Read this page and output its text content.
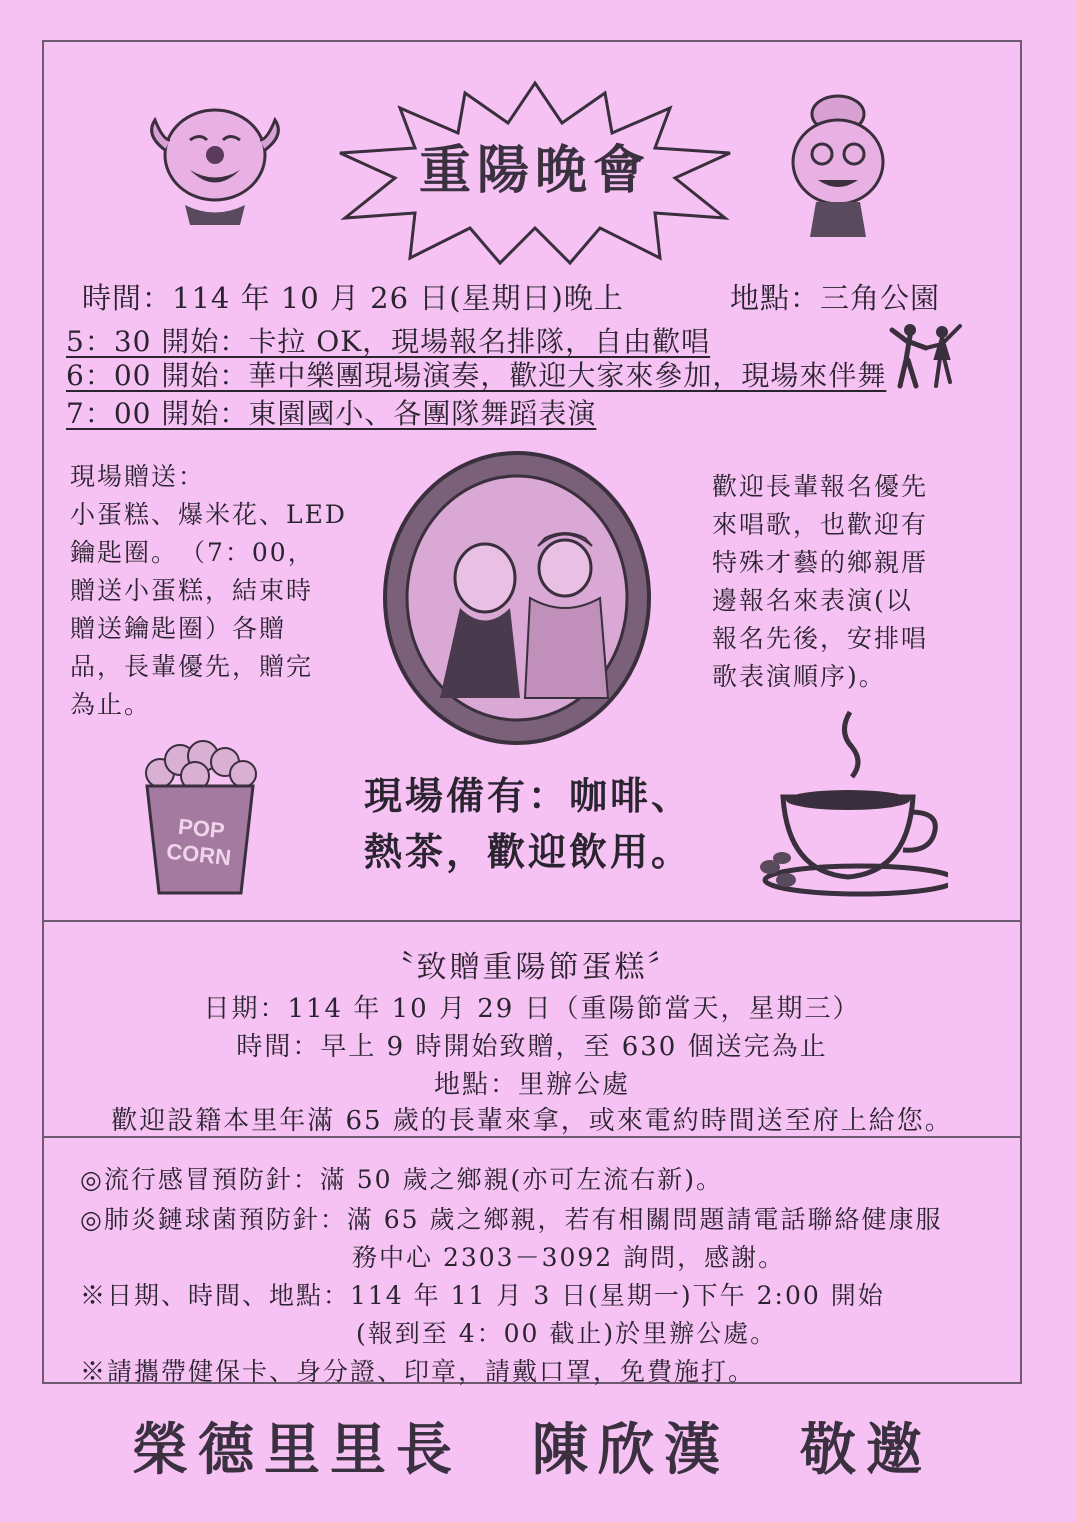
重陽晚會
時間：114 年 10 月 26 日(星期日)晚上	地點：三角公園
5：30 開始：卡拉 OK，現場報名排隊，自由歡唱
6：00 開始：華中樂團現場演奏，歡迎大家來參加，現場來伴舞
7：00 開始：東園國小、各團隊舞蹈表演
現場贈送：
小蛋糕、爆米花、LED
鑰匙圈。　（7：00，
贈送小蛋糕，結束時
贈送鑰匙圈）各贈
品，長輩優先，贈完
為止。
歡迎長輩報名優先
來唱歌，也歡迎有
特殊才藝的鄉親厝
邊報名來表演(以
報名先後，安排唱
歌表演順序)。
POP
CORN
現場備有：咖啡、
熱茶，歡迎飲用。
〝致贈重陽節蛋糕〞
日期：114 年 10 月 29 日（重陽節當天，星期三）
時間：早上 9 時開始致贈，至 630 個送完為止
地點：里辦公處
歡迎設籍本里年滿 65 歲的長輩來拿，或來電約時間送至府上給您。
◎流行感冒預防針：滿 50 歲之鄉親(亦可左流右新)。
◎肺炎鏈球菌預防針：滿 65 歲之鄉親，若有相關問題請電話聯絡健康服
務中心 2303－3092 詢問，感謝。
※日期、時間、地點：114 年 11 月 3 日(星期一)下午 2:00 開始
(報到至 4：00 截止)於里辦公處。
※請攜帶健保卡、身分證、印章，請戴口罩，免費施打。
榮德里里長 陳欣漢 敬邀
